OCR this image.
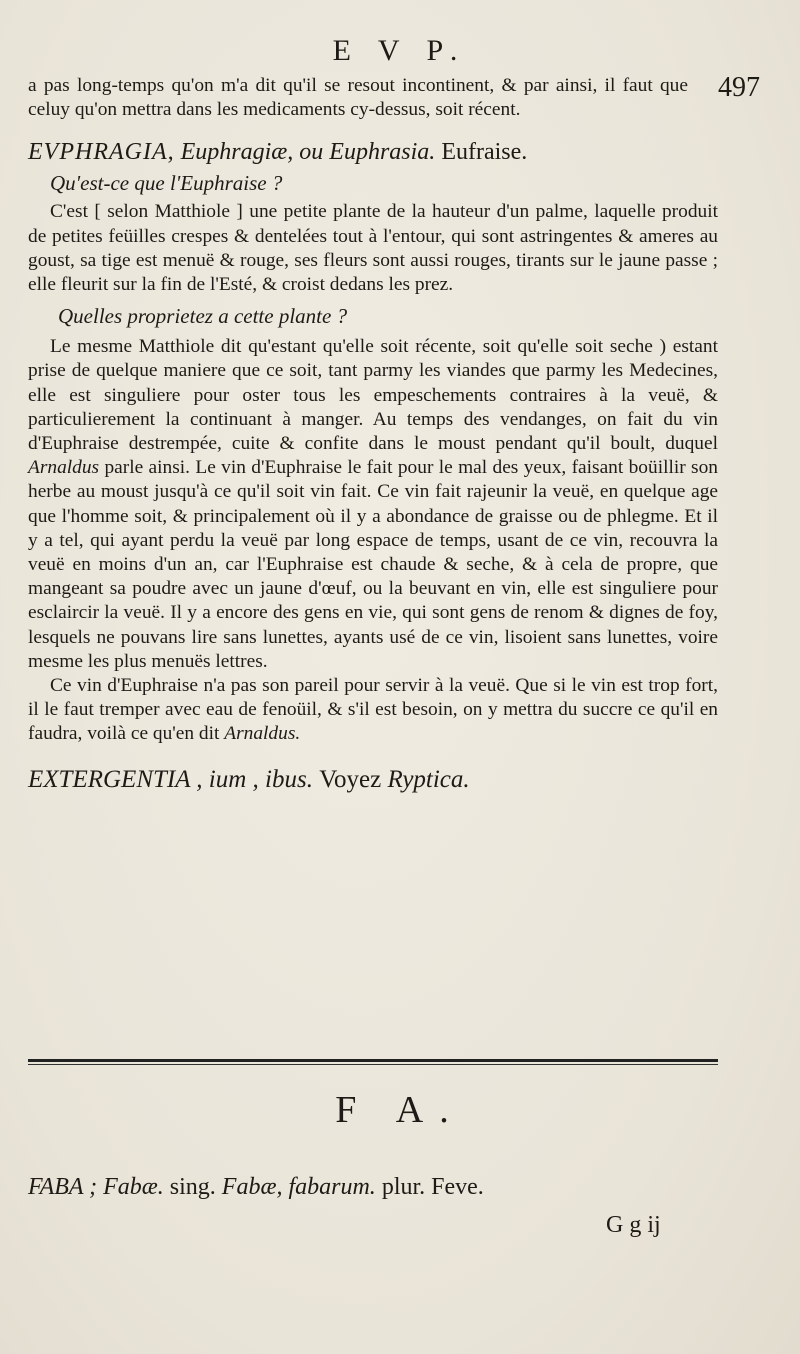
E V P.
497

a pas long-temps qu'on m'a dit qu'il se resout incontinent, & par ainsi, il faut que celuy qu'on mettra dans les medicaments cy-dessus, soit récent.

EVPHRAGIA, Euphragiæ, ou Euphrasia. Eufraise.

Qu'est-ce que l'Euphraise ?

C'est [ selon Matthiole ] une petite plante de la hauteur d'un palme, laquelle produit de petites feüilles crespes & dentelées tout à l'entour, qui sont astringentes & ameres au goust, sa tige est menuë & rouge, ses fleurs sont aussi rouges, tirants sur le jaune passe ; elle fleurit sur la fin de l'Esté, & croist dedans les prez.

Quelles proprietez a cette plante ?

Le mesme Matthiole dit qu'estant qu'elle soit récente, soit qu'elle soit seche ) estant prise de quelque maniere que ce soit, tant parmy les viandes que parmy les Medecines, elle est singuliere pour oster tous les empeschements contraires à la veuë, & particulierement la continuant à manger. Au temps des vendanges, on fait du vin d'Euphraise destrempée, cuite & confite dans le moust pendant qu'il boult, duquel Arnaldus parle ainsi. Le vin d'Euphraise le fait pour le mal des yeux, faisant boüillir son herbe au moust jusqu'à ce qu'il soit vin fait. Ce vin fait rajeunir la veuë, en quelque age que l'homme soit, & principalement où il y a abondance de graisse ou de phlegme. Et il y a tel, qui ayant perdu la veuë par long espace de temps, usant de ce vin, recouvra la veuë en moins d'un an, car l'Euphraise est chaude & seche, & à cela de propre, que mangeant sa poudre avec un jaune d'œuf, ou la beuvant en vin, elle est singuliere pour esclaircir la veuë. Il y a encore des gens en vie, qui sont gens de renom & dignes de foy, lesquels ne pouvans lire sans lunettes, ayants usé de ce vin, lisoient sans lunettes, voire mesme les plus menuës lettres.

Ce vin d'Euphraise n'a pas son pareil pour servir à la veuë. Que si le vin est trop fort, il le faut tremper avec eau de fenoüil, & s'il est besoin, on y mettra du succre ce qu'il en faudra, voilà ce qu'en dit Arnaldus.

EXTERGENTIA , ium , ibus. Voyez Ryptica.

F A.
FABA ; Fabæ. sing. Fabæ, fabarum. plur. Feve.
G g ij
